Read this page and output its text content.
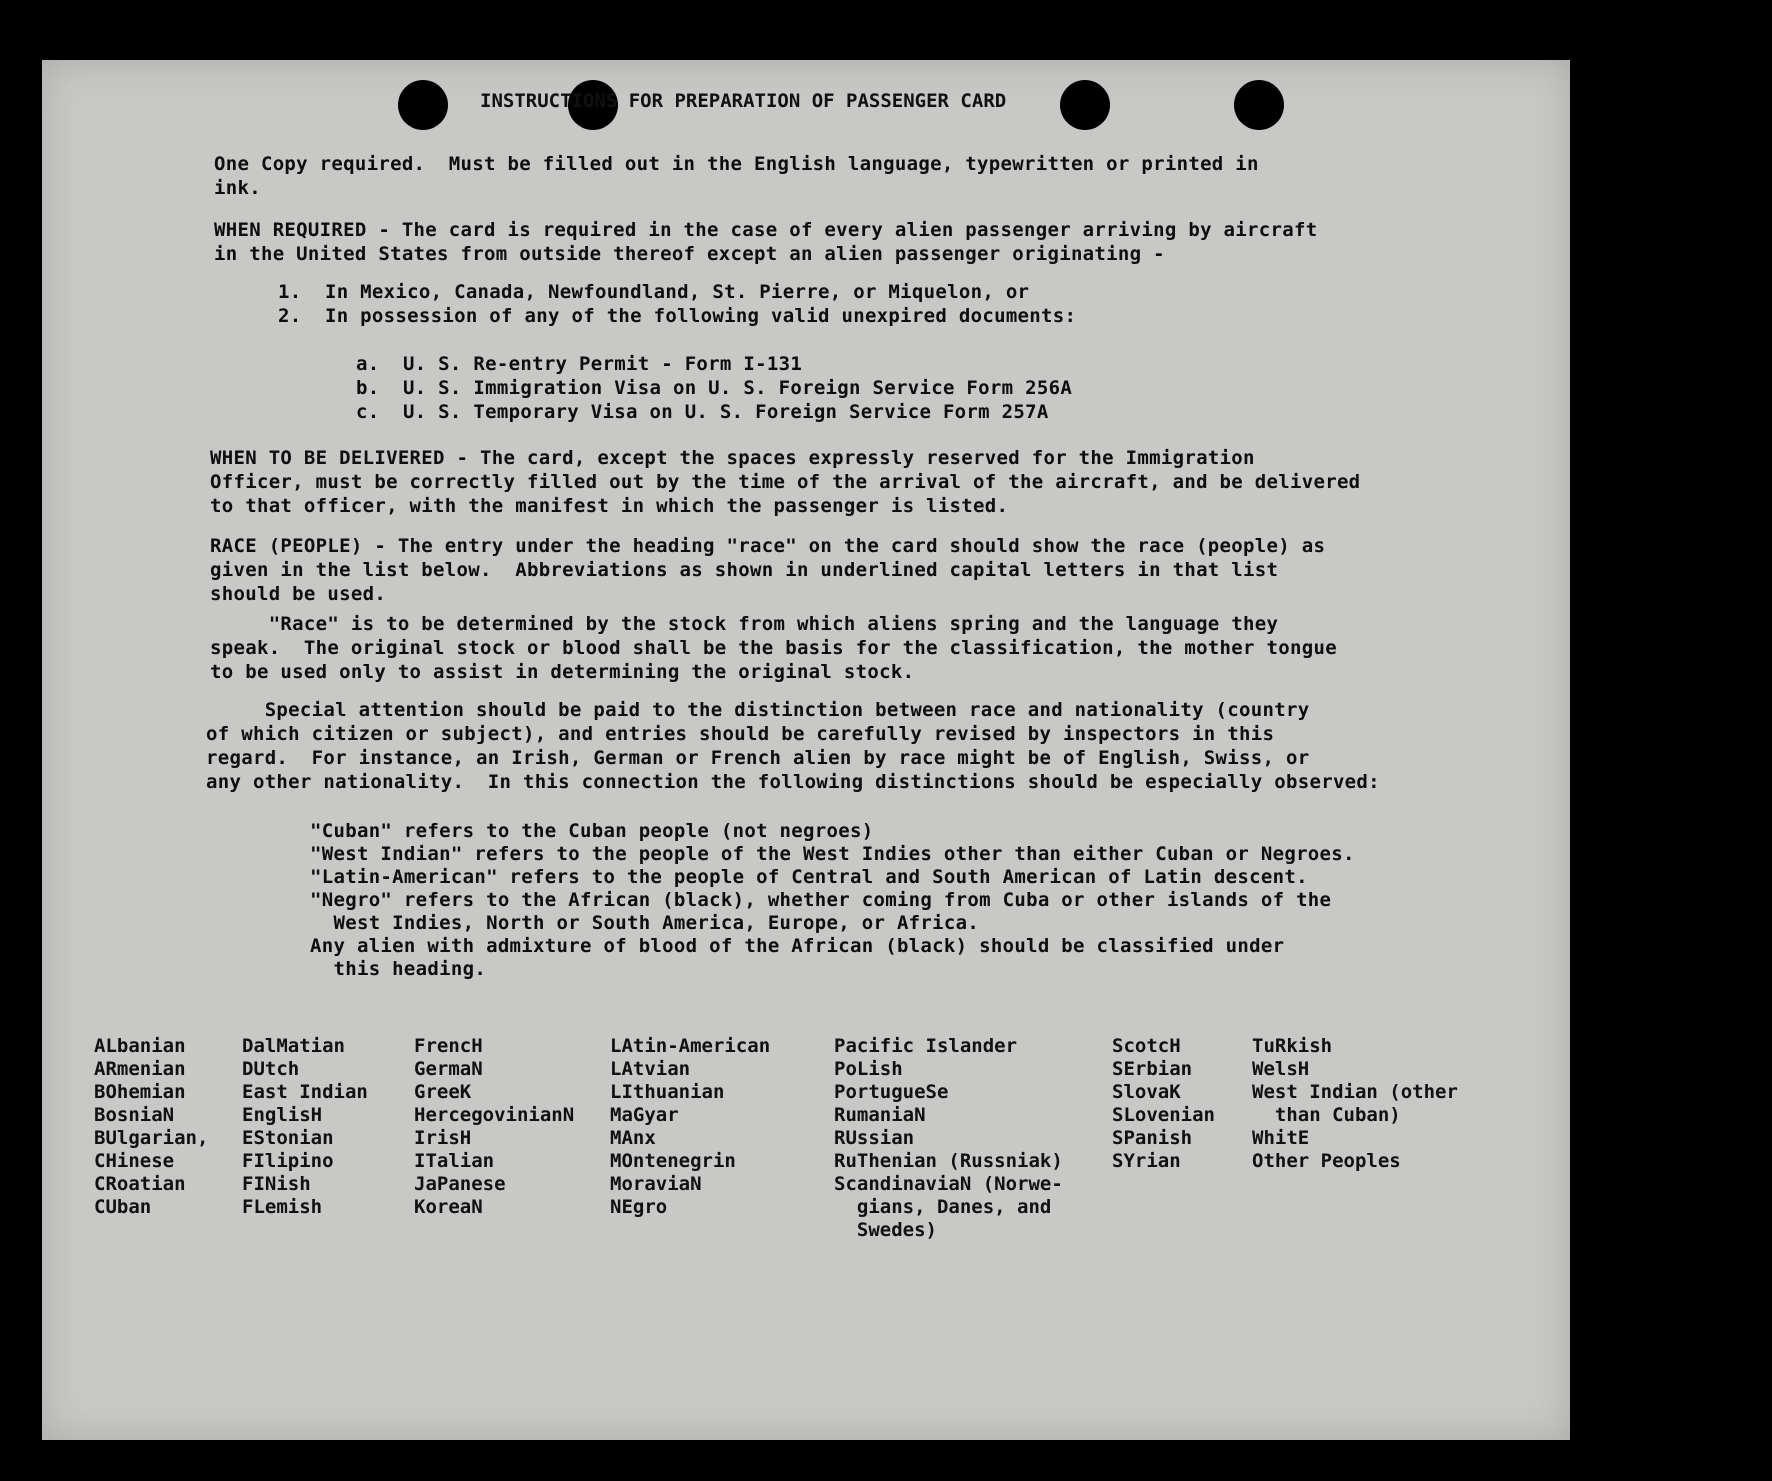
INSTRUCTIONS FOR PREPARATION OF PASSENGER CARD
One Copy required.  Must be filled out in the English language, typewritten or printed in
ink.
WHEN REQUIRED - The card is required in the case of every alien passenger arriving by aircraft
in the United States from outside thereof except an alien passenger originating -
1.  In Mexico, Canada, Newfoundland, St. Pierre, or Miquelon, or
2.  In possession of any of the following valid unexpired documents:
a.  U. S. Re-entry Permit - Form I-131
b.  U. S. Immigration Visa on U. S. Foreign Service Form 256A
c.  U. S. Temporary Visa on U. S. Foreign Service Form 257A
WHEN TO BE DELIVERED - The card, except the spaces expressly reserved for the Immigration
Officer, must be correctly filled out by the time of the arrival of the aircraft, and be delivered
to that officer, with the manifest in which the passenger is listed.
RACE (PEOPLE) - The entry under the heading "race" on the card should show the race (people) as
given in the list below.  Abbreviations as shown in underlined capital letters in that list
should be used.
"Race" is to be determined by the stock from which aliens spring and the language they
speak.  The original stock or blood shall be the basis for the classification, the mother tongue
to be used only to assist in determining the original stock.
Special attention should be paid to the distinction between race and nationality (country
of which citizen or subject), and entries should be carefully revised by inspectors in this
regard.  For instance, an Irish, German or French alien by race might be of English, Swiss, or
any other nationality.  In this connection the following distinctions should be especially observed:
"Cuban" refers to the Cuban people (not negroes)
"West Indian" refers to the people of the West Indies other than either Cuban or Negroes.
"Latin-American" refers to the people of Central and South American of Latin descent.
"Negro" refers to the African (black), whether coming from Cuba or other islands of the
West Indies, North or South America, Europe, or Africa.
Any alien with admixture of blood of the African (black) should be classified under
this heading.
ALbanian
ARmenian
BOhemian
BosniaN
BUlgarian,
CHinese
CRoatian
CUban
DalMatian
DUtch
East Indian
EnglisH
EStonian
FIlipino
FINish
FLemish
FrencH
GermaN
GreeK
HercegovinianN
IrisH
ITalian
JaPanese
KoreaN
LAtin-American
LAtvian
LIthuanian
MaGyar
MAnx
MOntenegrin
MoraviaN
NEgro
Pacific Islander
PoLish
PortugueSe
RumaniaN
RUssian
RuThenian (Russniak)
ScandinaviaN (Norwe-
gians, Danes, and
Swedes)
ScotcH
SErbian
SlovaK
SLovenian
SPanish
SYrian
TuRkish
WelsH
West Indian (other
than Cuban)
WhitE
Other Peoples
